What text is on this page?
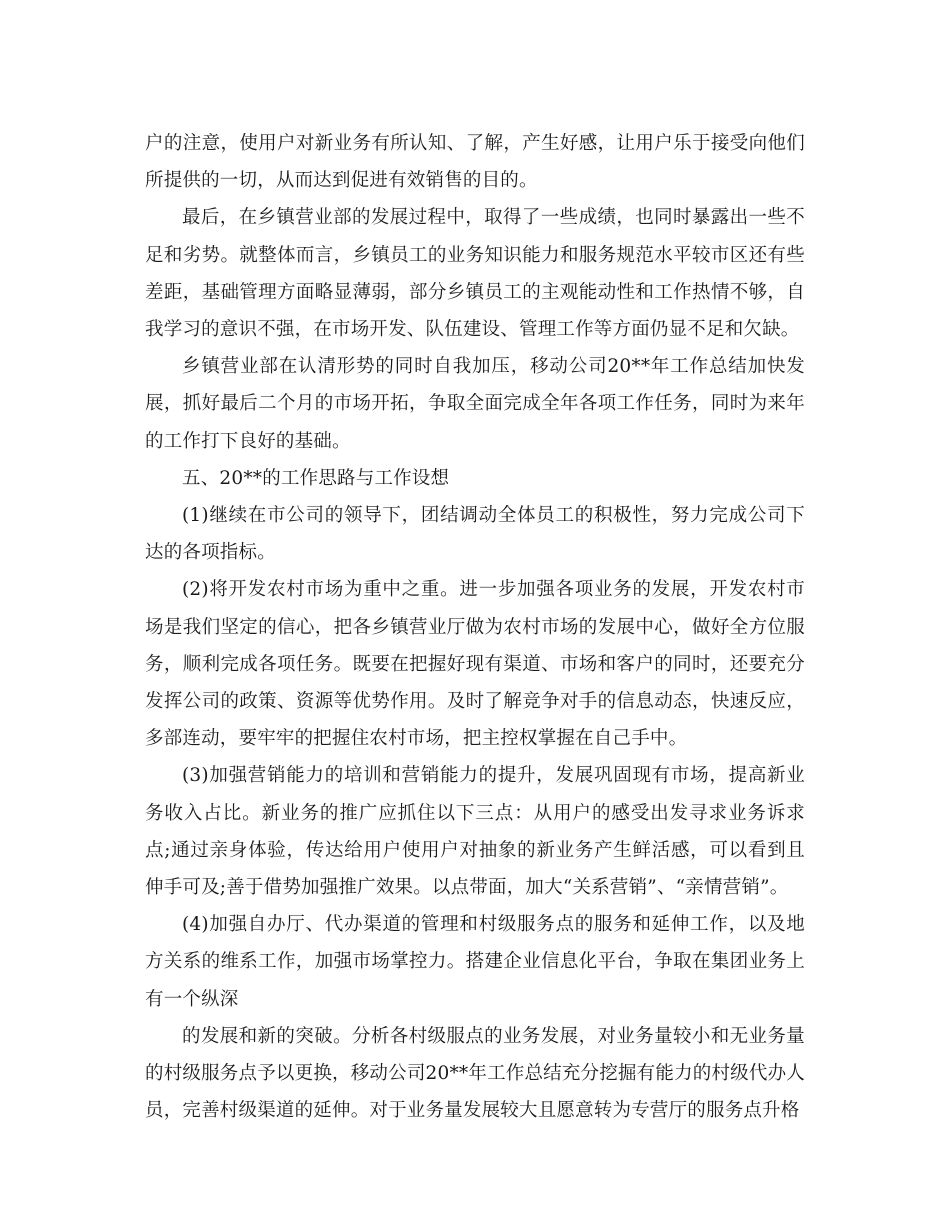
户的注意，使用户对新业务有所认知、了解，产生好感，让用户乐于接受向他们所提供的一切，从而达到促进有效销售的目的。

最后，在乡镇营业部的发展过程中，取得了一些成绩，也同时暴露出一些不足和劣势。就整体而言，乡镇员工的业务知识能力和服务规范水平较市区还有些差距，基础管理方面略显薄弱，部分乡镇员工的主观能动性和工作热情不够，自我学习的意识不强，在市场开发、队伍建设、管理工作等方面仍显不足和欠缺。

乡镇营业部在认清形势的同时自我加压，移动公司20**年工作总结加快发展，抓好最后二个月的市场开拓，争取全面完成全年各项工作任务，同时为来年的工作打下良好的基础。

五、20**的工作思路与工作设想

(1)继续在市公司的领导下，团结调动全体员工的积极性，努力完成公司下达的各项指标。

(2)将开发农村市场为重中之重。进一步加强各项业务的发展，开发农村市场是我们坚定的信心，把各乡镇营业厅做为农村市场的发展中心，做好全方位服务，顺利完成各项任务。既要在把握好现有渠道、市场和客户的同时，还要充分发挥公司的政策、资源等优势作用。及时了解竞争对手的信息动态，快速反应，多部连动，要牢牢的把握住农村市场，把主控权掌握在自己手中。

(3)加强营销能力的培训和营销能力的提升，发展巩固现有市场，提高新业务收入占比。新业务的推广应抓住以下三点：从用户的感受出发寻求业务诉求点;通过亲身体验，传达给用户使用户对抽象的新业务产生鲜活感，可以看到且伸手可及;善于借势加强推广效果。以点带面，加大“关系营销”、“亲情营销”。

(4)加强自办厅、代办渠道的管理和村级服务点的服务和延伸工作，以及地方关系的维系工作，加强市场掌控力。搭建企业信息化平台，争取在集团业务上有一个纵深

的发展和新的突破。分析各村级服点的业务发展，对业务量较小和无业务量的村级服务点予以更换，移动公司20**年工作总结充分挖掘有能力的村级代办人员，完善村级渠道的延伸。对于业务量发展较大且愿意转为专营厅的服务点升格
